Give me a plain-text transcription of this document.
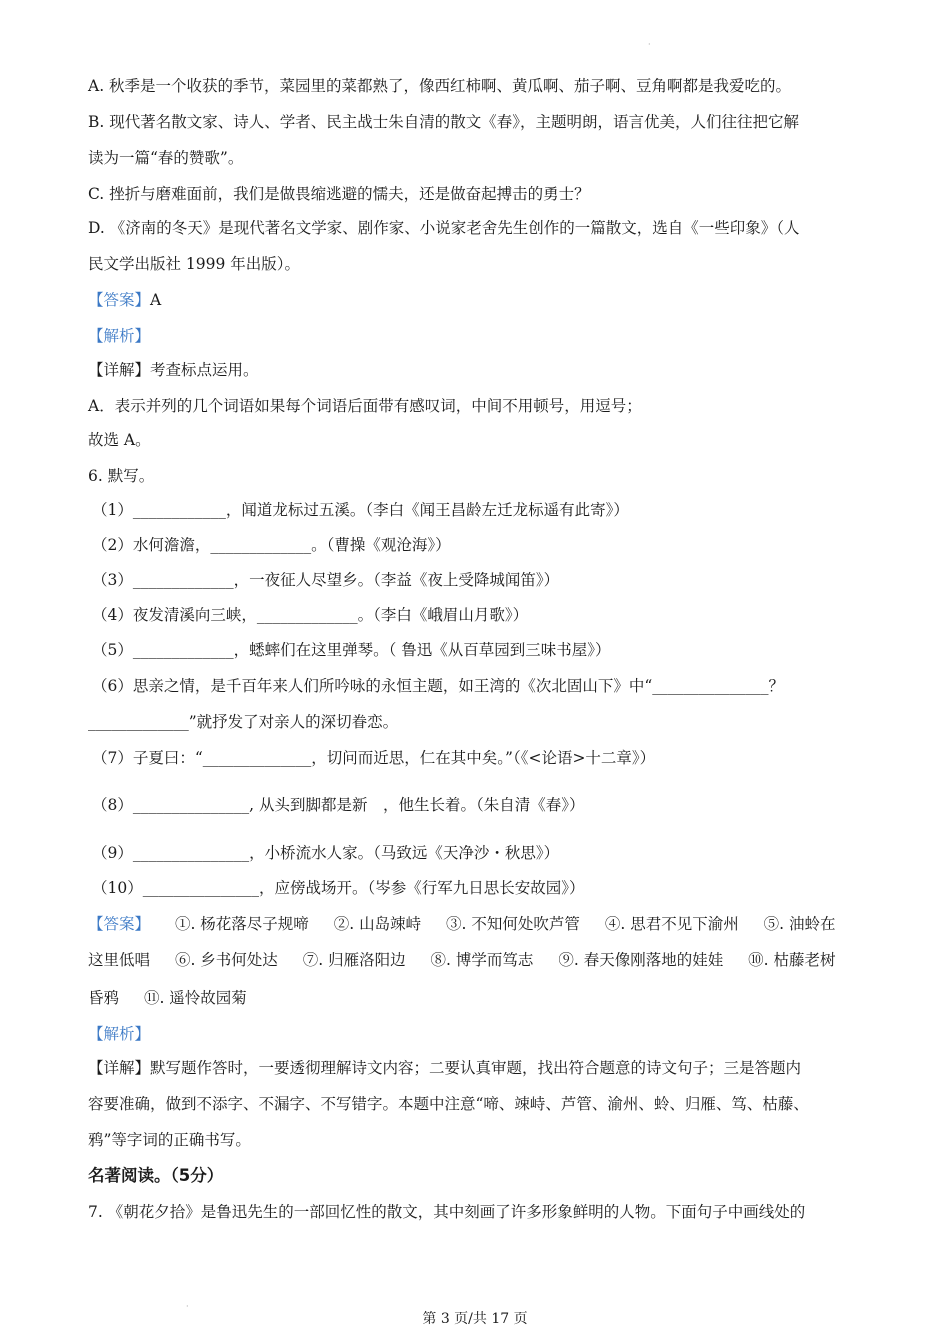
·
A. 秋季是一个收获的季节，菜园里的菜都熟了，像西红柿啊、黄瓜啊、茄子啊、豆角啊都是我爱吃的。
B. 现代著名散文家、诗人、学者、民主战士朱自清的散文《春》，主题明朗，语言优美，人们往往把它解
读为一篇“春的赞歌”。
C. 挫折与磨难面前，我们是做畏缩逃避的懦夫，还是做奋起搏击的勇士？
D. 《济南的冬天》是现代著名文学家、剧作家、小说家老舍先生创作的一篇散文，选自《一些印象》（人
民文学出版社 1999 年出版）。
【答案】A
【解析】
【详解】考查标点运用。
A．表示并列的几个词语如果每个词语后面带有感叹词，中间不用顿号，用逗号；
故选 A。
6. 默写。
（1）____________，闻道龙标过五溪。（李白《闻王昌龄左迁龙标遥有此寄》）
（2）水何澹澹，_____________。（曹操《观沧海》）
（3）_____________，一夜征人尽望乡。（李益《夜上受降城闻笛》）
（4）夜发清溪向三峡，_____________。（李白《峨眉山月歌》）
（5）_____________，蟋蟀们在这里弹琴。（ 鲁迅《从百草园到三味书屋》）
（6）思亲之情，是千百年来人们所吟咏的永恒主题，如王湾的《次北固山下》中“_______________？
_____________”就抒发了对亲人的深切眷恋。
（7）子夏曰：“______________，切问而近思，仁在其中矣。”（《<论语>十二章》）
（8）_______________, 从头到脚都是新　，他生长着。（朱自清《春》）
（9）_______________，小桥流水人家。（马致远《天净沙・秋思》）
（10）_______________，应傍战场开。（岑参《行军九日思长安故园》）
【答案】 ①. 杨花落尽子规啼 ②. 山岛竦峙 ③. 不知何处吹芦管 ④. 思君不见下渝州 ⑤. 油蛉在
这里低唱 ⑥. 乡书何处达 ⑦. 归雁洛阳边 ⑧. 博学而笃志 ⑨. 春天像刚落地的娃娃 ⑩. 枯藤老树
昏鸦 ⑪. 遥怜故园菊
【解析】
【详解】默写题作答时，一要透彻理解诗文内容；二要认真审题，找出符合题意的诗文句子；三是答题内
容要准确，做到不添字、不漏字、不写错字。本题中注意“啼、竦峙、芦管、渝州、蛉、归雁、笃、枯藤、
鸦”等字词的正确书写。
名著阅读。（5分）
7. 《朝花夕拾》是鲁迅先生的一部回忆性的散文，其中刻画了许多形象鲜明的人物。下面句子中画线处的
·
第 3 页/共 17 页
